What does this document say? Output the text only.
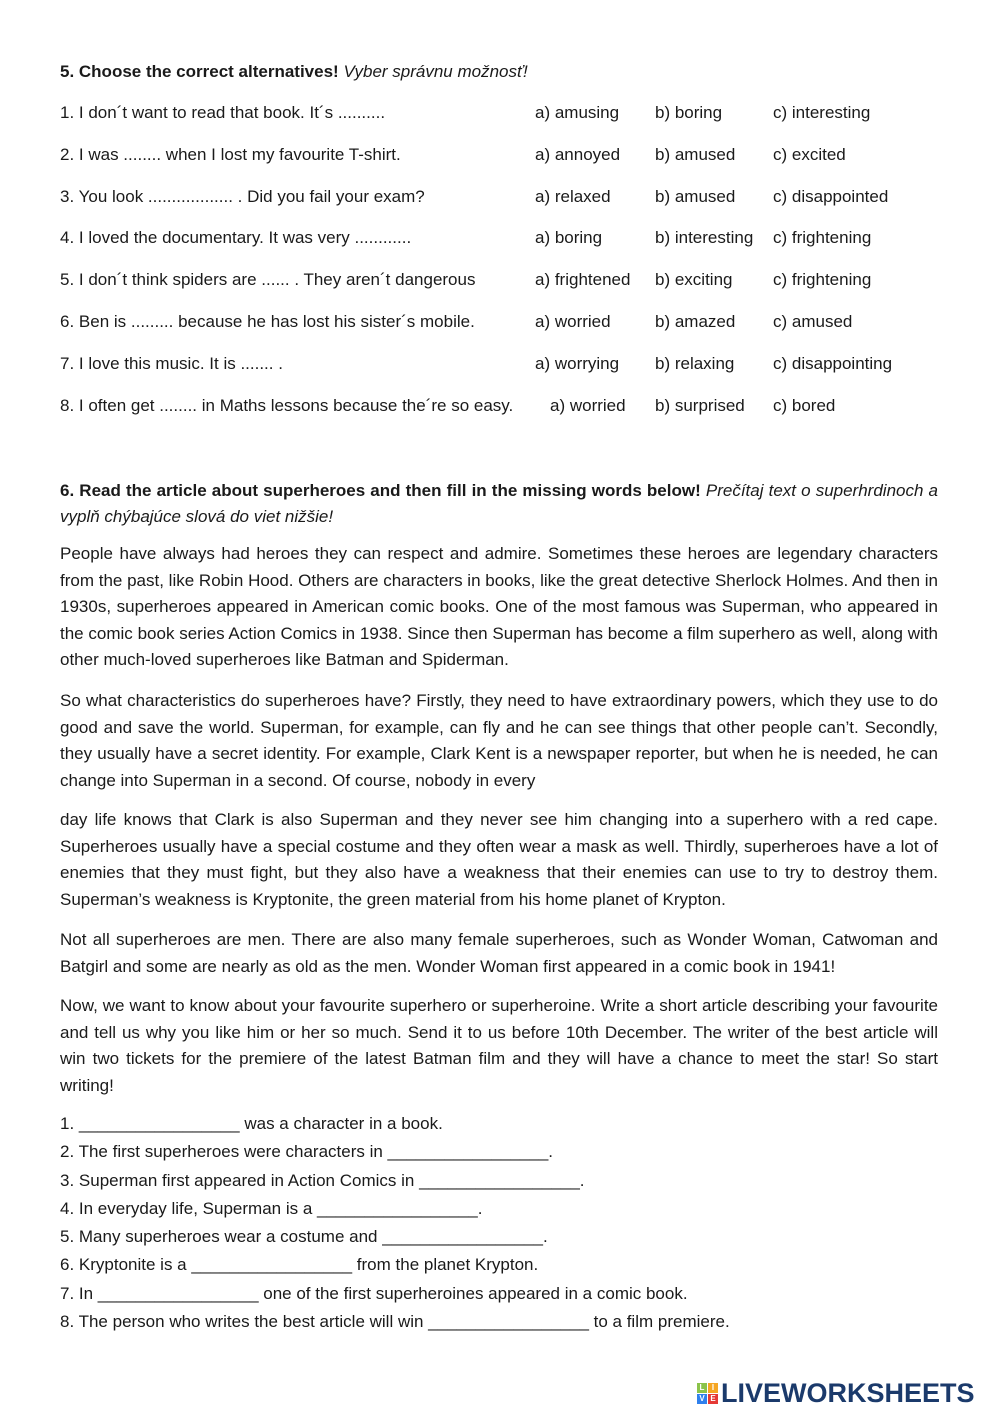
5. Choose the correct alternatives! Vyber správnu možnosť!
1. I don´t want to read that book. It´s ..........	a) amusing b) boring	c) interesting
2. I was ........ when I lost my favourite T-shirt.	a) annoyed b) amused c) excited
3. You look .................. . Did you fail your exam?	a) relaxed	b) amused c) disappointed
4. I loved the documentary. It was very ............	a) boring	b) interesting c) frightening
5. I don´t think spiders are ...... . They aren´t dangerous	a) frightened b) exciting c) frightening
6. Ben is ......... because he has lost his sister´s mobile.	a) worried	b) amazed c) amused
7. I love this music. It is ....... .	a) worrying b) relaxing c) disappointing
8. I often get ........ in Maths lessons because the´re so easy. a) worried b) surprised c) bored
6. Read the article about superheroes and then fill in the missing words below! Prečítaj text o superhrdinoch a vyplň chýbajúce slová do viet nižšie!

People have always had heroes they can respect and admire. Sometimes these heroes are legendary characters from the past, like Robin Hood. Others are characters in books, like the great detective Sherlock Holmes. And then in 1930s, superheroes appeared in American comic books. One of the most famous was Superman, who appeared in the comic book series Action Comics in 1938. Since then Superman has become a film superhero as well, along with other much-loved superheroes like Batman and Spiderman.

So what characteristics do superheroes have? Firstly, they need to have extraordinary powers, which they use to do good and save the world. Superman, for example, can fly and he can see things that other people can’t. Secondly, they usually have a secret identity. For example, Clark Kent is a newspaper reporter, but when he is needed, he can change into Superman in a second. Of course, nobody in every

day life knows that Clark is also Superman and they never see him changing into a superhero with a red cape. Superheroes usually have a special costume and they often wear a mask as well. Thirdly, superheroes have a lot of enemies that they must fight, but they also have a weakness that their enemies can use to try to destroy them. Superman’s weakness is Kryptonite, the green material from his home planet of Krypton.

Not all superheroes are men. There are also many female superheroes, such as Wonder Woman, Catwoman and Batgirl and some are nearly as old as the men. Wonder Woman first appeared in a comic book in 1941!

Now, we want to know about your favourite superhero or superheroine. Write a short article describing your favourite and tell us why you like him or her so much. Send it to us before 10th December. The writer of the best article will win two tickets for the premiere of the latest Batman film and they will have a chance to meet the star! So start writing!

1. _________________ was a character in a book.
2. The first superheroes were characters in _________________.
3. Superman first appeared in Action Comics in _________________.
4. In everyday life, Superman is a _________________.
5. Many superheroes wear a costume and _________________.
6. Kryptonite is a _________________ from the planet Krypton.
7. In _________________ one of the first superheroines appeared in a comic book.
8. The person who writes the best article will win _________________ to a film premiere.
L I
V E LIVEWORKSHEETS
